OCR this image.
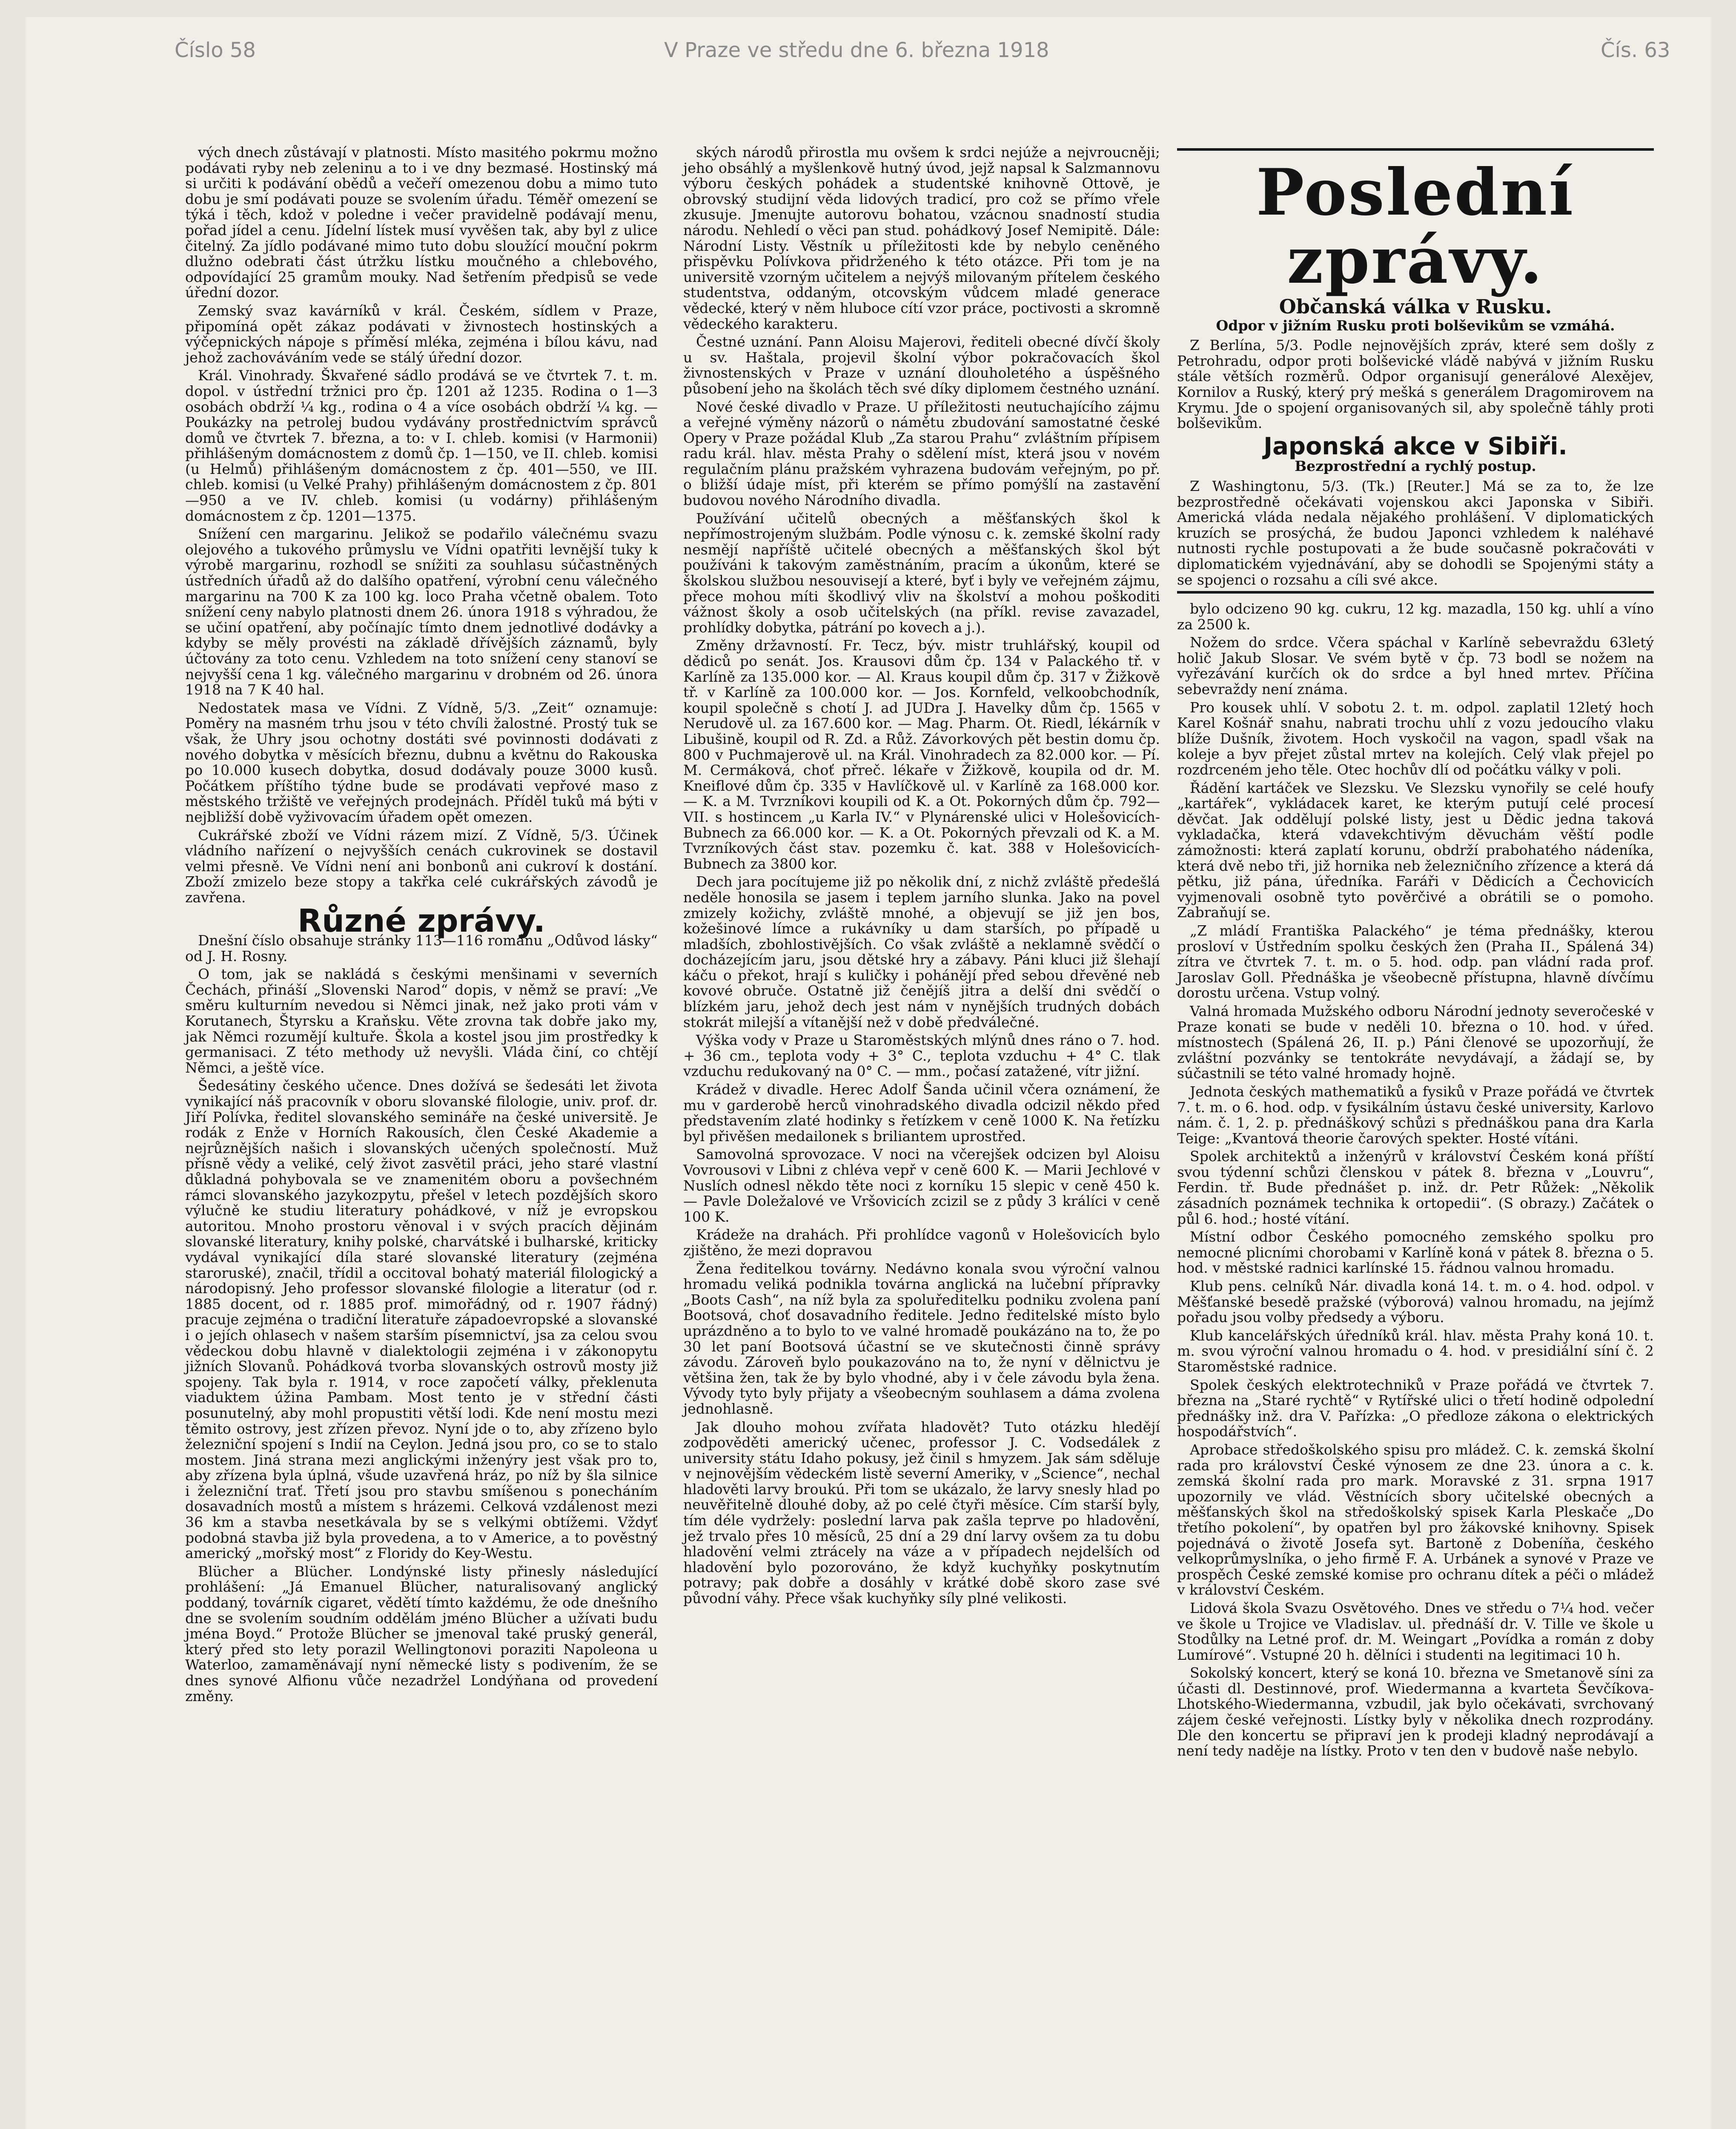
Číslo 58	V Praze ve středu dne 6. března 1918	Čís. 63

vých dnech zůstávají v platnosti. Místo masitého pokrmu možno podávati ryby neb zeleninu a to i ve dny bezmasé. Hostinský má si určiti k podávání obědů a večeří omezenou dobu a mimo tuto dobu je smí podávati pouze se svolením úřadu. Téměř omezení se týká i těch, kdož v poledne i večer pravidelně podávají menu, pořad jídel a cenu. Jídelní lístek musí vyvěšen tak, aby byl z ulice čitelný. Za jídlo podávané mimo tuto dobu sloužící mouční pokrm dlužno odebrati část útržku lístku moučného a chlebového, odpovídající 25 gramům mouky. Nad šetřením předpisů se vede úřední dozor.

Zemský svaz kavárníků v král. Českém, sídlem v Praze, připomíná opět zákaz podávati v živnostech hostinských a výčepnických nápoje s příměsí mléka, zejména i bílou kávu, nad jehož zachováváním vede se stálý úřední dozor.

Král. Vinohrady. Škvařené sádlo prodává se ve čtvrtek 7. t. m. dopol. v ústřední tržnici pro čp. 1201 až 1235. Rodina o 1—3 osobách obdrží ¼ kg., rodina o 4 a více osobách obdrží ¼ kg. — Poukázky na petrolej budou vydávány prostřednictvím správců domů ve čtvrtek 7. března, a to: v I. chleb. komisi (v Harmonii) přihlášeným domácnostem z domů čp. 1—150, ve II. chleb. komisi (u Helmů) přihlášeným domácnostem z čp. 401—550, ve III. chleb. komisi (u Velké Prahy) přihlášeným domácnostem z čp. 801—950 a ve IV. chleb. komisi (u vodárny) přihlášeným domácnostem z čp. 1201—1375.

Snížení cen margarinu. Jelikož se podařilo válečnému svazu olejového a tukového průmyslu ve Vídni opatřiti levnější tuky k výrobě margarinu, rozhodl se snížiti za souhlasu súčastněných ústředních úřadů až do dalšího opatření, výrobní cenu válečného margarinu na 700 K za 100 kg. loco Praha včetně obalem. Toto snížení ceny nabylo platnosti dnem 26. února 1918 s výhradou, že se učiní opatření, aby počínajíc tímto dnem jednotlivé dodávky a kdyby se měly provésti na základě dřívějších záznamů, byly účtovány za toto cenu. Vzhledem na toto snížení ceny stanoví se nejvyšší cena 1 kg. válečného margarinu v drobném od 26. února 1918 na 7 K 40 hal.

Nedostatek masa ve Vídni. Z Vídně, 5/3. „Zeit“ oznamuje: Poměry na masném trhu jsou v této chvíli žalostné. Prostý tuk se však, že Uhry jsou ochotny dostáti své povinnosti dodávati z nového dobytka v měsících březnu, dubnu a květnu do Rakouska po 10.000 kusech dobytka, dosud dodávaly pouze 3000 kusů. Počátkem příštího týdne bude se prodávati vepřové maso z městského tržiště ve veřejných prodejnách. Příděl tuků má býti v nejbližší době vyživovacím úřadem opět omezen.

Cukrářské zboží ve Vídni rázem mizí. Z Vídně, 5/3. Účinek vládního nařízení o nejvyšších cenách cukrovinek se dostavil velmi přesně. Ve Vídni není ani bonbonů ani cukroví k dostání. Zboží zmizelo beze stopy a takřka celé cukrářských závodů je zavřena.

Různé zprávy.

Dnešní číslo obsahuje stránky 113—116 románu „Odůvod lásky“ od J. H. Rosny.

O tom, jak se nakládá s českými menšinami v severních Čechách, přináší „Slovenski Narod“ dopis, v němž se praví: „Ve směru kulturním nevedou si Němci jinak, než jako proti vám v Korutanech, Štyrsku a Kraňsku. Věte zrovna tak dobře jako my, jak Němci rozumějí kultuře. Škola a kostel jsou jim prostředky k germanisaci. Z této methody už nevyšli. Vláda činí, co chtějí Němci, a ještě více.

Šedesátiny českého učence. Dnes dožívá se šedesáti let života vynikající náš pracovník v oboru slovanské filologie, univ. prof. dr. Jiří Polívka, ředitel slovanského semináře na české universitě. Je rodák z Enže v Horních Rakousích, člen České Akademie a nejrůznějších našich i slovanských učených společností. Muž přísně vědy a veliké, celý život zasvětil práci, jeho staré vlastní důkladná pohybovala se ve znamenitém oboru a povšechném rámci slovanského jazykozpytu, přešel v letech pozdějších skoro výlučně ke studiu literatury pohádkové, v níž je evropskou autoritou. Mnoho prostoru věnoval i v svých pracích dějinám slovanské literatury, knihy polské, charvátské i bulharské, kriticky vydával vynikající díla staré slovanské literatury (zejména staroruské), značil, třídil a occitoval bohatý materiál filologický a národopisný. Jeho professor slovanské filologie a literatur (od r. 1885 docent, od r. 1885 prof. mimořádný, od r. 1907 řádný) pracuje zejména o tradiční literatuře západoevropské a slovanské i o jejích ohlasech v našem starším písemnictví, jsa za celou svou vědeckou dobu hlavně v dialektologii zejména i v zákonopytu jižních Slovanů. Pohádková tvorba slovanských ostrovů mosty již spojeny. Tak byla r. 1914, v roce započetí války, překlenuta viaduktem úžina Pambam. Most tento je v střední části posunutelný, aby mohl propustiti větší lodi. Kde není mostu mezi těmito ostrovy, jest zřízen převoz. Nyní jde o to, aby zřízeno bylo železniční spojení s Indií na Ceylon. Jedná jsou pro, co se to stalo mostem. Jiná strana mezi anglickými inženýry jest však pro to, aby zřízena byla úplná, všude uzavřená hráz, po níž by šla silnice i železniční trať. Třetí jsou pro stavbu smíšenou s ponecháním dosavadních mostů a místem s hrázemi. Celková vzdálenost mezi 36 km a stavba nesetkávala by se s velkými obtížemi. Vždyť podobná stavba již byla provedena, a to v Americe, a to pověstný americký „mořský most“ z Floridy do Key-Westu.

Blücher a Blücher. Londýnské listy přinesly následující prohlášení: „Já Emanuel Blücher, naturalisovaný anglický poddaný, továrník cigaret, vědětí tímto každému, že ode dnešního dne se svolením soudním oddělám jméno Blücher a užívati budu jména Boyd.“ Protože Blücher se jmenoval také pruský generál, který před sto lety porazil Wellingtonovi poraziti Napoleona u Waterloo, zamaměnávají nyní německé listy s podivením, že se dnes synové Alfionu vůče nezadržel Londýňana od provedení změny.

ských národů přirostla mu ovšem k srdci nejúže a nejvroucněji; jeho obsáhlý a myšlenkově hutný úvod, jejž napsal k Salzmannovu výboru českých pohádek a studentské knihovně Ottově, je obrovský studijní věda lidových tradicí, pro což se přímo vřele zkusuje. Jmenujte autorovu bohatou, vzácnou snadností studia národu. Nehledí o věci pan stud. pohádkový Josef Nemipitě. Dále: Národní Listy. Věstník u příležitosti kde by nebylo ceněného přispěvku Polívkova přidrženého k této otázce. Při tom je na universitě vzorným učitelem a nejvýš milovaným přítelem českého studentstva, oddaným, otcovským vůdcem mladé generace vědecké, který v něm hluboce cítí vzor práce, poctivosti a skromně vědeckého karakteru.

Čestné uznání. Pann Aloisu Majerovi, řediteli obecné dívčí školy u sv. Haštala, projevil školní výbor pokračovacích škol živnostenských v Praze v uznání dlouholetého a úspěšného působení jeho na školách těch své díky diplomem čestného uznání.

Nové české divadlo v Praze. U příležitosti neutuchajícího zájmu a veřejné výměny názorů o námětu zbudování samostatné české Opery v Praze požádal Klub „Za starou Prahu“ zvláštním přípisem radu král. hlav. města Prahy o sdělení míst, která jsou v novém regulačním plánu pražském vyhrazena budovám veřejným, po př. o bližší údaje míst, při kterém se přímo pomýšlí na zastavění budovou nového Národního divadla.

Používání učitelů obecných a měšťanských škol k nepřímostrojeným službám. Podle výnosu c. k. zemské školní rady nesmějí napříště učitelé obecných a měšťanských škol být používáni k takovým zaměstnáním, pracím a úkonům, které se školskou službou nesouvisejí a které, byť i byly ve veřejném zájmu, přece mohou míti škodlivý vliv na školství a mohou poškoditi vážnost školy a osob učitelských (na příkl. revise zavazadel, prohlídky dobytka, pátrání po kovech a j.).

Změny državností. Fr. Tecz, býv. mistr truhlářský, koupil od dědiců po senát. Jos. Krausovi dům čp. 134 v Palackého tř. v Karlíně za 135.000 kor. — Al. Kraus koupil dům čp. 317 v Žižkově tř. v Karlíně za 100.000 kor. — Jos. Kornfeld, velkoobchodník, koupil společně s chotí J. ad JUDra J. Havelky dům čp. 1565 v Nerudově ul. za 167.600 kor. — Mag. Pharm. Ot. Riedl, lékárník v Libušině, koupil od R. Zd. a Růž. Závorkových pět bestin domu čp. 800 v Puchmajerově ul. na Král. Vinohradech za 82.000 kor. — Pí. M. Cermáková, choť přreč. lékaře v Žižkově, koupila od dr. M. Kneiflové dům čp. 335 v Havlíčkově ul. v Karlíně za 168.000 kor. — K. a M. Tvrzníkovi koupili od K. a Ot. Pokorných dům čp. 792—VII. s hostincem „u Karla IV.“ v Plynárenské ulici v Holešovicích-Bubnech za 66.000 kor. — K. a Ot. Pokorných převzali od K. a M. Tvrzníkových část stav. pozemku č. kat. 388 v Holešovicích-Bubnech za 3800 kor.

Dech jara pocítujeme již po několik dní, z nichž zvláště předešlá neděle honosila se jasem i teplem jarního slunka. Jako na povel zmizely kožichy, zvláště mnohé, a objevují se již jen bos, kožešinové límce a rukávníky u dam starších, po případě u mladších, zbohlostivějších. Co však zvláště a neklamně svědčí o docházejícím jaru, jsou dětské hry a zábavy. Páni kluci již šlehají káču o překot, hrají s kuličky i pohánějí před sebou dřevěné neb kovové obruče. Ostatně již čenějíš jitra a delší dni svědčí o blízkém jaru, jehož dech jest nám v nynějších trudných dobách stokrát milejší a vítanější než v době předválečné.

Výška vody v Praze u Staroměstských mlýnů dnes ráno o 7. hod. + 36 cm., teplota vody + 3° C., teplota vzduchu + 4° C. tlak vzduchu redukovaný na 0° C. — mm., počasí zatažené, vítr jižní.

Krádež v divadle. Herec Adolf Šanda učinil včera oznámení, že mu v garderobě herců vinohradského divadla odcizil někdo před představením zlaté hodinky s řetízkem v ceně 1000 K. Na řetízku byl přivěšen medailonek s briliantem uprostřed.

Samovolná sprovozace. V noci na včerejšek odcizen byl Aloisu Vovrousovi v Libni z chléva vepř v ceně 600 K. — Marii Jechlové v Nuslích odnesl někdo těte noci z korníku 15 slepic v ceně 450 k. — Pavle Doležalové ve Vršovicích zcizil se z půdy 3 králíci v ceně 100 K.

Krádeže na drahách. Při prohlídce vagonů v Holešovicích bylo zjištěno, že mezi dopravou

Žena ředitelkou továrny. Nedávno konala svou výroční valnou hromadu veliká podnikla továrna anglická na lučební přípravky „Boots Cash“, na níž byla za spoluředitelku podniku zvolena paní Bootsová, choť dosavadního ředitele. Jedno ředitelské místo bylo uprázdněno a to bylo to ve valné hromadě poukázáno na to, že po 30 let paní Bootsová účastní se ve skutečnosti činně správy závodu. Zároveň bylo poukazováno na to, že nyní v dělnictvu je většina žen, tak že by bylo vhodné, aby i v čele závodu byla žena. Vývody tyto byly přijaty a všeobecným souhlasem a dáma zvolena jednohlasně.

Jak dlouho mohou zvířata hladovět? Tuto otázku hledějí zodpověděti americký učenec, professor J. C. Vodsedálek z university státu Idaho pokusy, jež činil s hmyzem. Jak sám sděluje v nejnovějším vědeckém listě severní Ameriky, v „Science“, nechal hladověti larvy broukú. Při tom se ukázalo, že larvy snesly hlad po neuvěřitelně dlouhé doby, až po celé čtyři měsíce. Cím starší byly, tím déle vydržely: poslední larva pak zašla teprve po hladovění, jež trvalo přes 10 měsíců, 25 dní a 29 dní larvy ovšem za tu dobu hladovění velmi ztrácely na váze a v případech nejdelších od hladovění bylo pozorováno, že když kuchyňky poskytnutím potravy; pak dobře a dosáhly v krátké době skoro zase své původní váhy. Přece však kuchyňky síly plné velikosti.

Poslední zprávy.
Občanská válka v Rusku.
Odpor v jižním Rusku proti bolševikům se vzmáhá.

Z Berlína, 5/3. Podle nejnovějších zpráv, které sem došly z Petrohradu, odpor proti bolševické vládě nabývá v jižním Rusku stále větších rozměrů. Odpor organisují generálové Alexějev, Kornilov a Ruský, který prý mešká s generálem Dragomirovem na Krymu. Jde o spojení organisovaných sil, aby společně táhly proti bolševikům.

Japonská akce v Sibiři.
Bezprostřední a rychlý postup.

Z Washingtonu, 5/3. (Tk.) [Reuter.] Má se za to, že lze bezprostředně očekávati vojenskou akci Japonska v Sibiři. Americká vláda nedala nějakého prohlášení. V diplomatických kruzích se prosýchá, že budou Japonci vzhledem k naléhavé nutnosti rychle postupovati a že bude současně pokračováti v diplomatickém vyjednávání, aby se dohodli se Spojenými státy a se spojenci o rozsahu a cíli své akce.

bylo odcizeno 90 kg. cukru, 12 kg. mazadla, 150 kg. uhlí a víno za 2500 k.

Nožem do srdce. Včera spáchal v Karlíně sebevraždu 63letý holič Jakub Slosar. Ve svém bytě v čp. 73 bodl se nožem na vyřezávání kurčích ok do srdce a byl hned mrtev. Příčina sebevraždy není známa.

Pro kousek uhlí. V sobotu 2. t. m. odpol. zaplatil 12letý hoch Karel Košnář snahu, nabrati trochu uhlí z vozu jedoucího vlaku blíže Dušník, životem. Hoch vyskočil na vagon, spadl však na koleje a byv přejet zůstal mrtev na kolejích. Celý vlak přejel po rozdrceném jeho těle. Otec hochův dlí od počátku války v poli.

Řádění kartáček ve Slezsku. Ve Slezsku vynořily se celé houfy „kartářek“, vykládacek karet, ke kterým putují celé procesí děvčat. Jak oddělují polské listy, jest u Dědic jedna taková vykladačka, která vdavekchtivým děvuchám věští podle zámožnosti: která zaplatí korunu, obdrží prabohatého nádeníka, která dvě nebo tři, již hornika neb železničního zřízence a která dá pětku, již pána, úředníka. Faráři v Dědicích a Čechovicích vyjmenovali osobně tyto pověrčivé a obrátili se o pomoho. Zabraňují se.

„Z mládí Františka Palackého“ je téma přednášky, kterou prosloví v Ústředním spolku českých žen (Praha II., Spálená 34) zítra ve čtvrtek 7. t. m. o 5. hod. odp. pan vládní rada prof. Jaroslav Goll. Přednáška je všeobecně přístupna, hlavně dívčímu dorostu určena. Vstup volný.

Valná hromada Mužského odboru Národní jednoty severočeské v Praze konati se bude v neděli 10. března o 10. hod. v úřed. místnostech (Spálená 26, II. p.) Páni členové se upozorňují, že zvláštní pozvánky se tentokráte nevydávají, a žádají se, by súčastnili se této valné hromady hojně.

Jednota českých mathematiků a fysiků v Praze pořádá ve čtvrtek 7. t. m. o 6. hod. odp. v fysikálním ústavu české university, Karlovo nám. č. 1, 2. p. přednáškový schůzi s přednáškou pana dra Karla Teige: „Kvantová theorie čarových spekter. Hosté vítáni.

Spolek architektů a inženýrů v království Českém koná příští svou týdenní schůzi členskou v pátek 8. března v „Louvru“, Ferdin. tř. Bude přednášet p. inž. dr. Petr Růžek: „Několik zásadních poznámek technika k ortopedii“. (S obrazy.) Začátek o půl 6. hod.; hosté vítání.

Místní odbor Českého pomocného zemského spolku pro nemocné plicními chorobami v Karlíně koná v pátek 8. března o 5. hod. v městské radnici karlínské 15. řádnou valnou hromadu.

Klub pens. celníků Nár. divadla koná 14. t. m. o 4. hod. odpol. v Měšťanské besedě pražské (výborová) valnou hromadu, na jejímž pořadu jsou volby předsedy a výboru.

Klub kancelářských úředníků král. hlav. města Prahy koná 10. t. m. svou výroční valnou hromadu o 4. hod. v presidiální síní č. 2 Staroměstské radnice.

Spolek českých elektrotechniků v Praze pořádá ve čtvrtek 7. března na „Staré rychtě“ v Rytířské ulici o třetí hodině odpolední přednášky inž. dra V. Pařízka: „O předloze zákona o elektrických hospodářstvích“.

Aprobace středoškolského spisu pro mládež. C. k. zemská školní rada pro království České výnosem ze dne 23. února a c. k. zemská školní rada pro mark. Moravské z 31. srpna 1917 upozornily ve vlád. Věstnících sbory učitelské obecných a měšťanských škol na středoškolský spisek Karla Pleskače „Do třetího pokolení“, by opatřen byl pro žákovské knihovny. Spisek pojednává o životě Josefa syt. Bartoně z Dobeníňa, českého velkoprůmyslníka, o jeho firmě F. A. Urbánek a synové v Praze ve prospěch České zemské komise pro ochranu dítek a péči o mládež v království Českém.

Lidová škola Svazu Osvětového. Dnes ve středu o 7¼ hod. večer ve škole u Trojice ve Vladislav. ul. přednáší dr. V. Tille ve škole u Stodůlky na Letné prof. dr. M. Weingart „Povídka a román z doby Lumírové“. Vstupné 20 h. dělníci i studenti na legitimaci 10 h.

Sokolský koncert, který se koná 10. března ve Smetanově síni za účasti dl. Destinnové, prof. Wiedermanna a kvarteta Ševčíkova-Lhotského-Wiedermanna, vzbudil, jak bylo očekávati, svrchovaný zájem české veřejnosti. Lístky byly v několika dnech rozprodány. Dle den koncertu se připraví jen k prodeji kladný neprodávají a není tedy naděje na lístky. Proto v ten den v budově naše nebylo.
